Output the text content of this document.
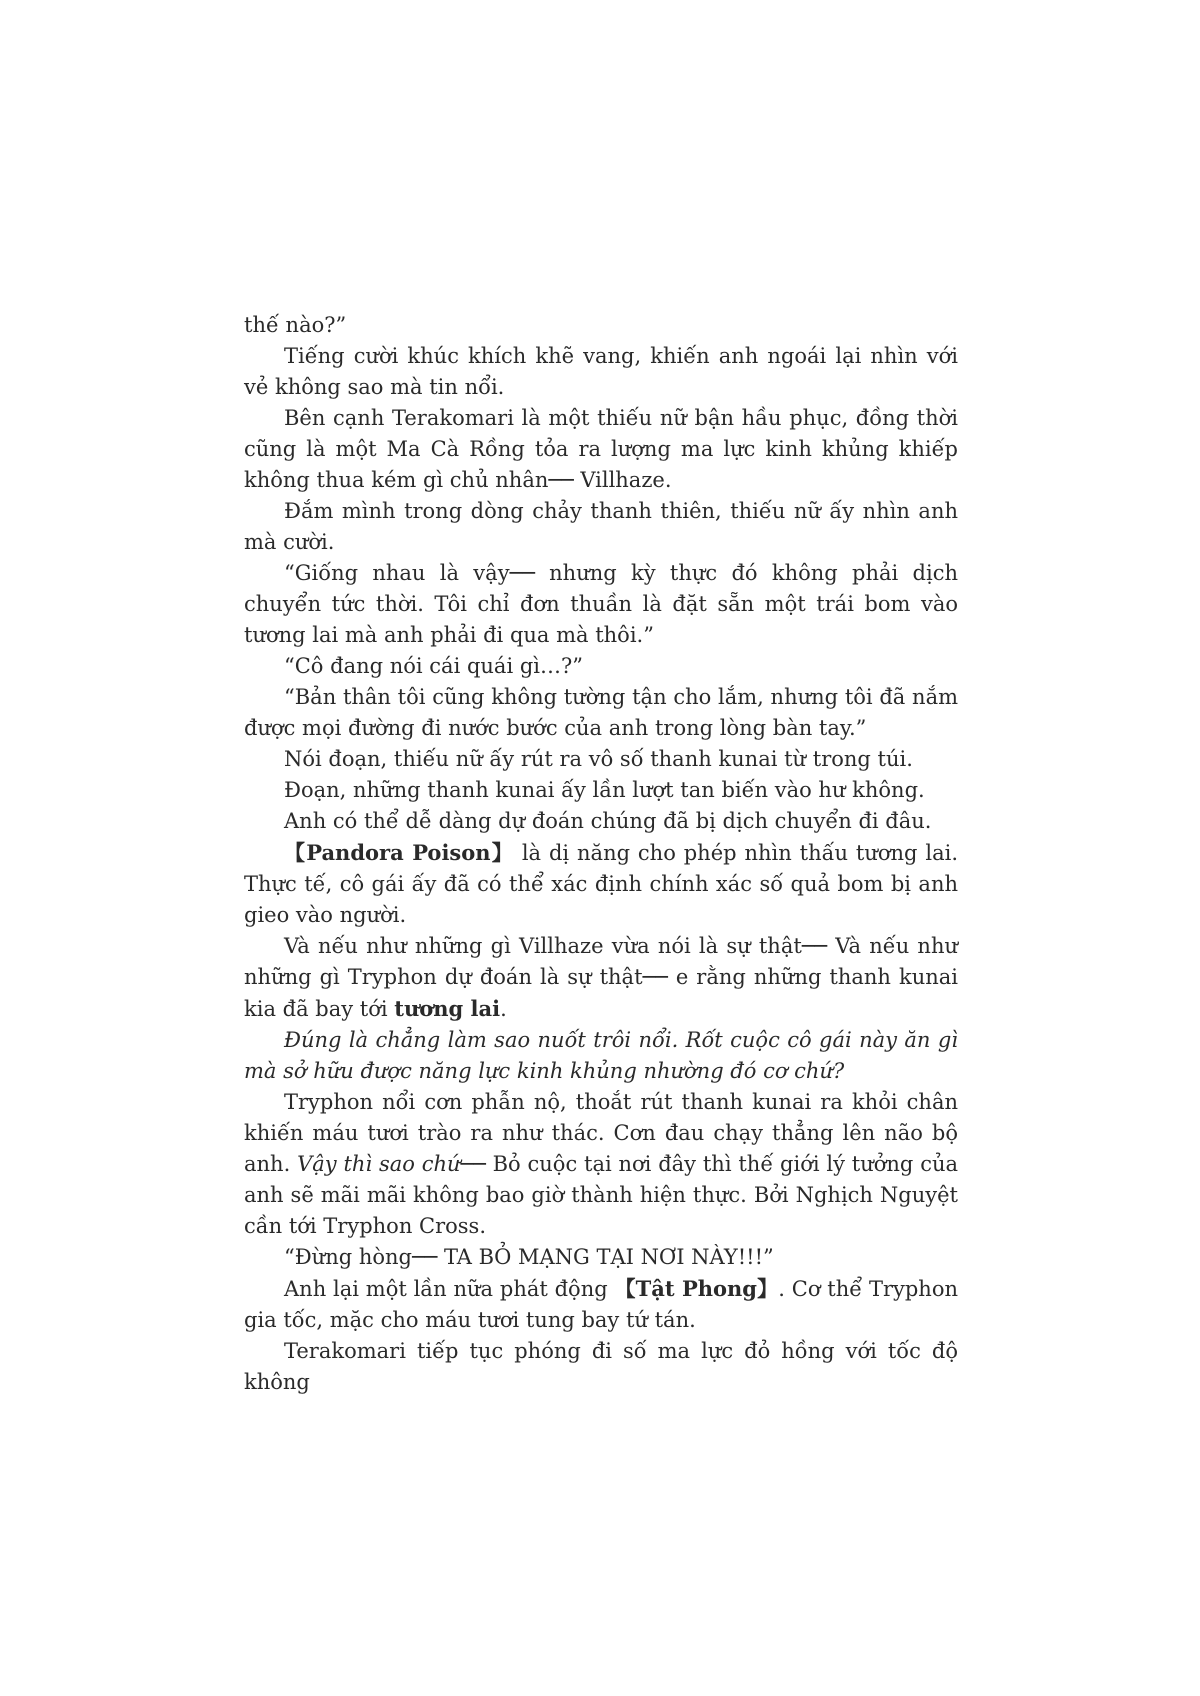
thế nào?”

Tiếng cười khúc khích khẽ vang, khiến anh ngoái lại nhìn với vẻ không sao mà tin nổi.

Bên cạnh Terakomari là một thiếu nữ bận hầu phục, đồng thời cũng là một Ma Cà Rồng tỏa ra lượng ma lực kinh khủng khiếp không thua kém gì chủ nhân── Villhaze.

Đắm mình trong dòng chảy thanh thiên, thiếu nữ ấy nhìn anh mà cười.

“Giống nhau là vậy── nhưng kỳ thực đó không phải dịch chuyển tức thời. Tôi chỉ đơn thuần là đặt sẵn một trái bom vào tương lai mà anh phải đi qua mà thôi.”

“Cô đang nói cái quái gì…?”

“Bản thân tôi cũng không tường tận cho lắm, nhưng tôi đã nắm được mọi đường đi nước bước của anh trong lòng bàn tay.”

Nói đoạn, thiếu nữ ấy rút ra vô số thanh kunai từ trong túi.

Đoạn, những thanh kunai ấy lần lượt tan biến vào hư không.

Anh có thể dễ dàng dự đoán chúng đã bị dịch chuyển đi đâu.

【Pandora Poison】 là dị năng cho phép nhìn thấu tương lai. Thực tế, cô gái ấy đã có thể xác định chính xác số quả bom bị anh gieo vào người.

Và nếu như những gì Villhaze vừa nói là sự thật── Và nếu như những gì Tryphon dự đoán là sự thật── e rằng những thanh kunai kia đã bay tới tương lai.

Đúng là chẳng làm sao nuốt trôi nổi. Rốt cuộc cô gái này ăn gì mà sở hữu được năng lực kinh khủng nhường đó cơ chứ?

Tryphon nổi cơn phẫn nộ, thoắt rút thanh kunai ra khỏi chân khiến máu tươi trào ra như thác. Cơn đau chạy thẳng lên não bộ anh. Vậy thì sao chứ── Bỏ cuộc tại nơi đây thì thế giới lý tưởng của anh sẽ mãi mãi không bao giờ thành hiện thực. Bởi Nghịch Nguyệt cần tới Tryphon Cross.

“Đừng hòng── TA BỎ MẠNG TẠI NƠI NÀY!!!”

Anh lại một lần nữa phát động 【Tật Phong】. Cơ thể Tryphon gia tốc, mặc cho máu tươi tung bay tứ tán.

Terakomari tiếp tục phóng đi số ma lực đỏ hồng với tốc độ không
